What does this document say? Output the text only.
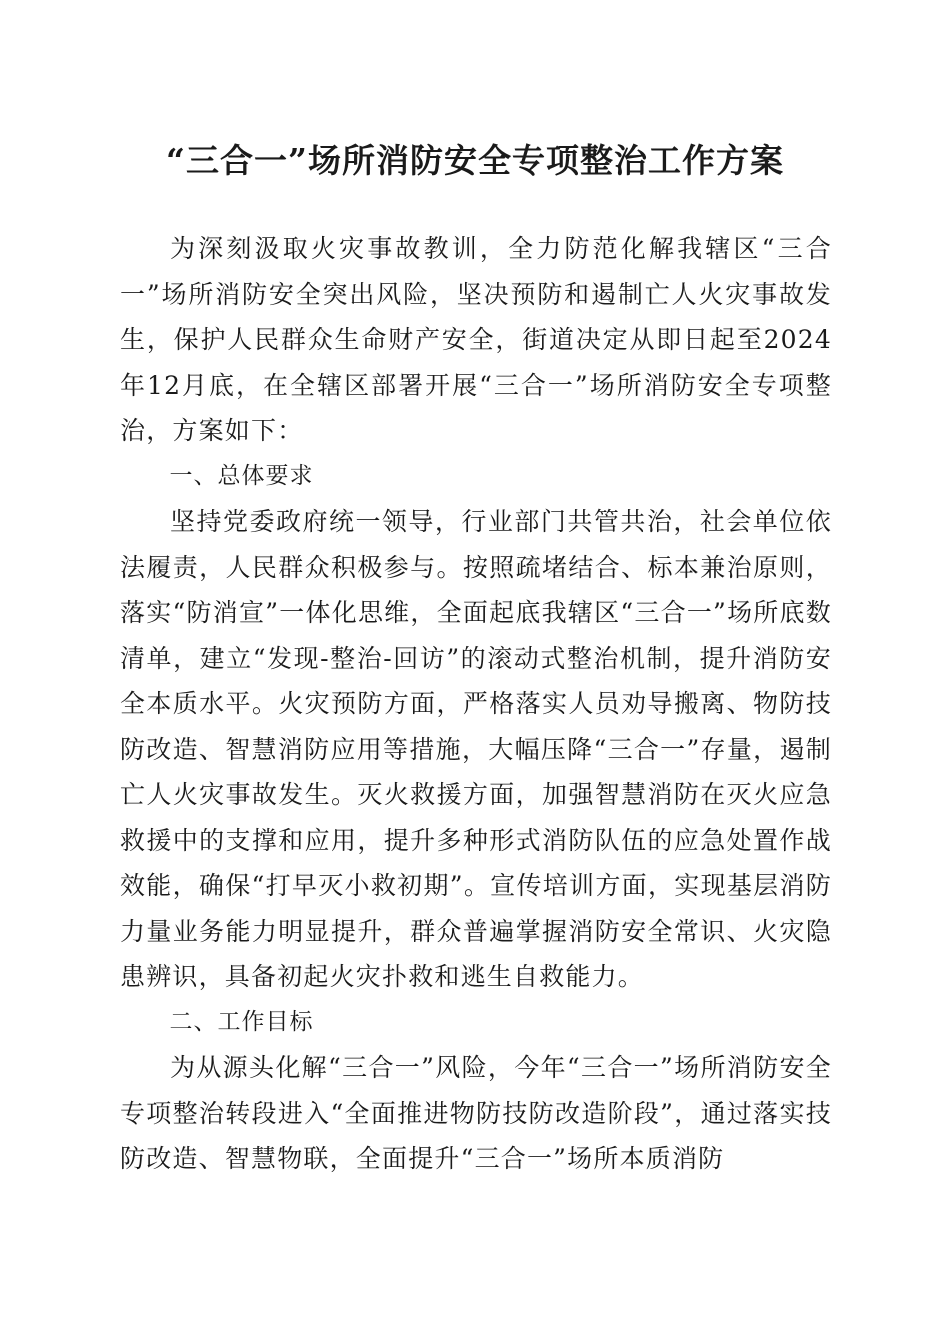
“三合一”场所消防安全专项整治工作方案

为深刻汲取火灾事故教训，全力防范化解我辖区“三合一”场所消防安全突出风险，坚决预防和遏制亡人火灾事故发生，保护人民群众生命财产安全，街道决定从即日起至2024年12月底，在全辖区部署开展“三合一”场所消防安全专项整治，方案如下：

一、总体要求

坚持党委政府统一领导，行业部门共管共治，社会单位依法履责，人民群众积极参与。按照疏堵结合、标本兼治原则，落实“防消宣”一体化思维，全面起底我辖区“三合一”场所底数清单，建立“发现-整治-回访”的滚动式整治机制，提升消防安全本质水平。火灾预防方面，严格落实人员劝导搬离、物防技防改造、智慧消防应用等措施，大幅压降“三合一”存量，遏制亡人火灾事故发生。灭火救援方面，加强智慧消防在灭火应急救援中的支撑和应用，提升多种形式消防队伍的应急处置作战效能，确保“打早灭小救初期”。宣传培训方面，实现基层消防力量业务能力明显提升，群众普遍掌握消防安全常识、火灾隐患辨识，具备初起火灾扑救和逃生自救能力。

二、工作目标

为从源头化解“三合一”风险，今年“三合一”场所消防安全专项整治转段进入“全面推进物防技防改造阶段”，通过落实技防改造、智慧物联，全面提升“三合一”场所本质消防
